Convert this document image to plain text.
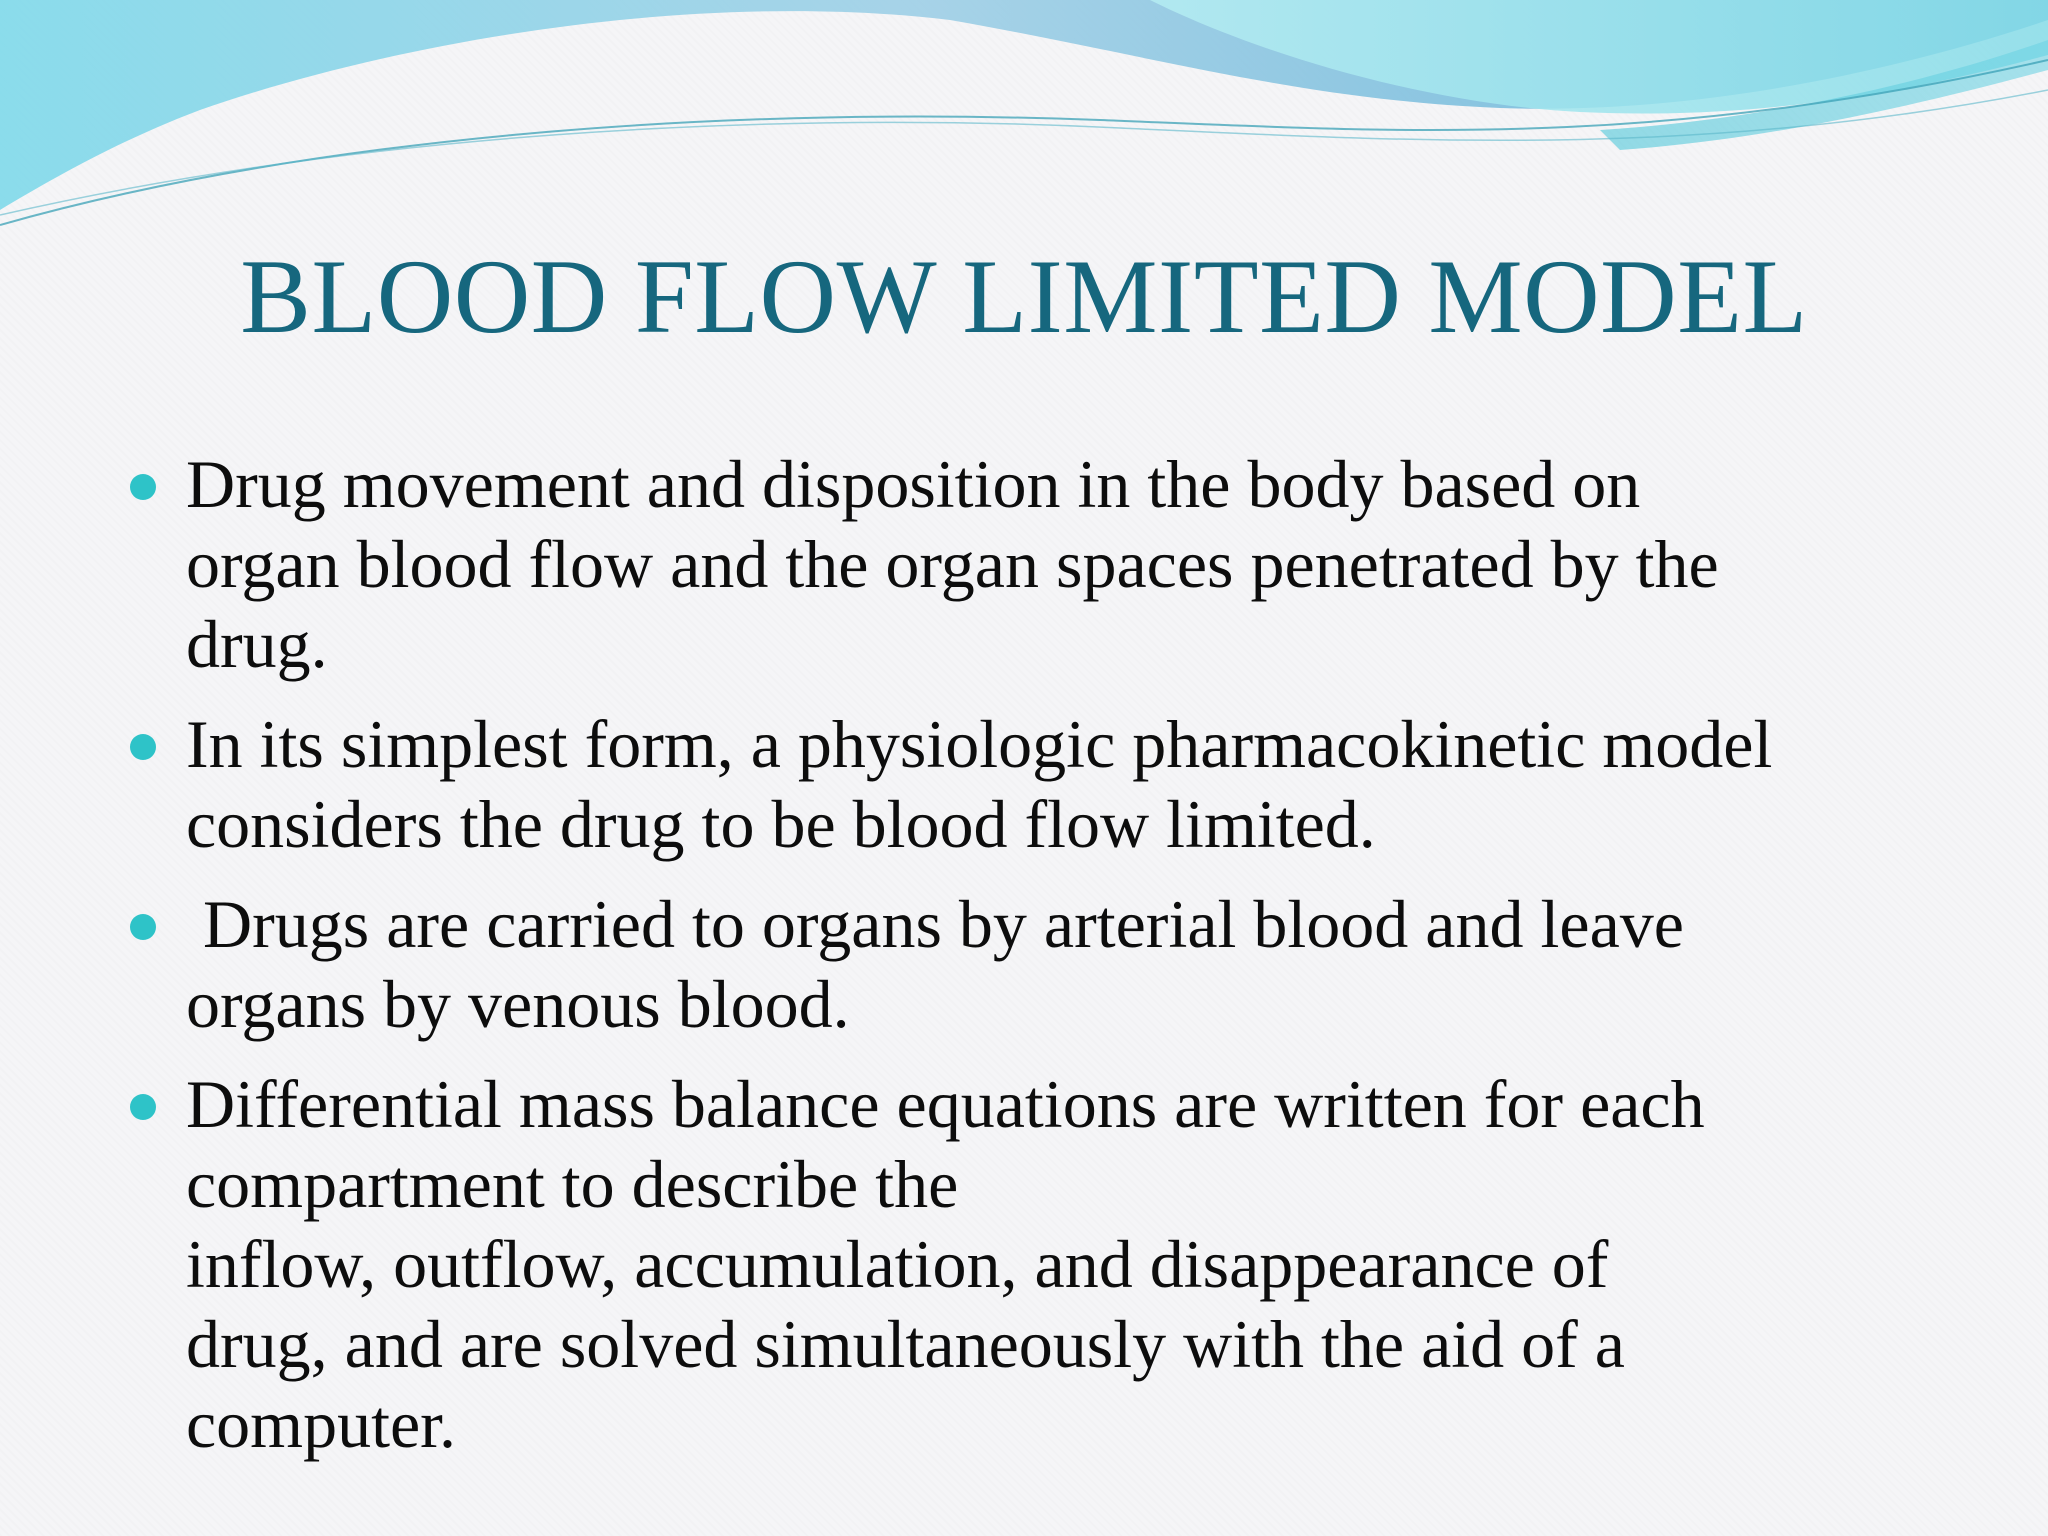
BLOOD FLOW LIMITED MODEL
Drug movement and disposition in the body based on
organ blood flow and the organ spaces penetrated by the
drug.
In its simplest form, a physiologic pharmacokinetic model
considers the drug to be blood flow limited.
Drugs are carried to organs by arterial blood and leave
organs by venous blood.
Differential mass balance equations are written for each
compartment to describe the
inflow, outflow, accumulation, and disappearance of
drug, and are solved simultaneously with the aid of a
computer.
